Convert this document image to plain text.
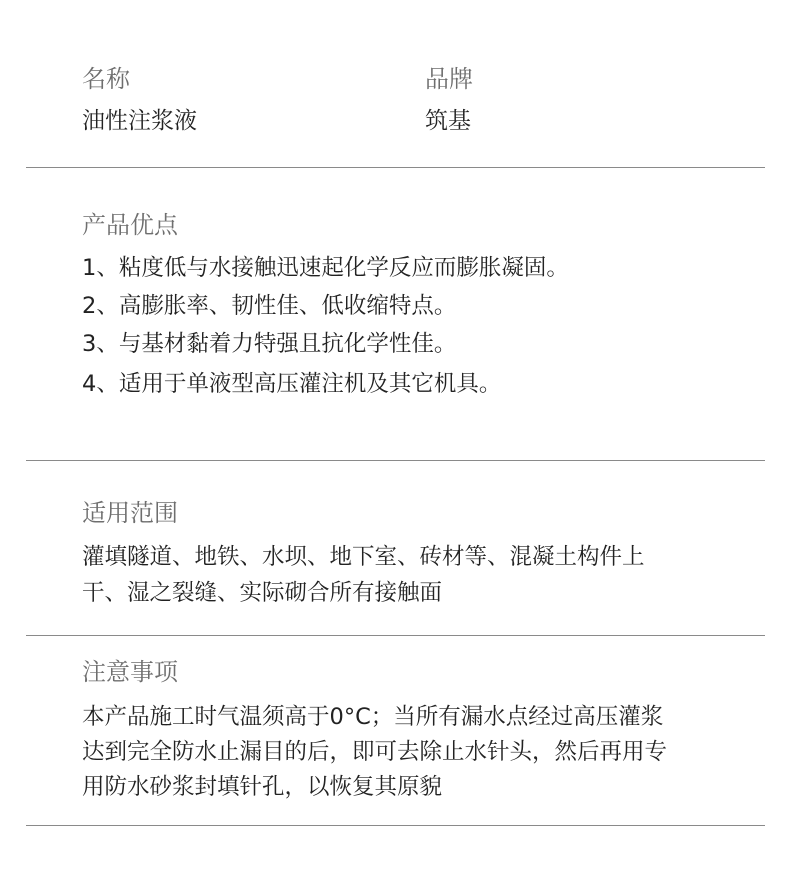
名称
油性注浆液
品牌
筑基
产品优点
1、粘度低与水接触迅速起化学反应而膨胀凝固。
2、高膨胀率、韧性佳、低收缩特点。
3、与基材黏着力特强且抗化学性佳。
4、适用于单液型高压灌注机及其它机具。
适用范围
灌填隧道、地铁、水坝、地下室、砖材等、混凝土构件上
干、湿之裂缝、实际砌合所有接触面
注意事项
本产品施工时气温须高于0°C；当所有漏水点经过高压灌浆
达到完全防水止漏目的后，即可去除止水针头，然后再用专
用防水砂浆封填针孔，以恢复其原貌
